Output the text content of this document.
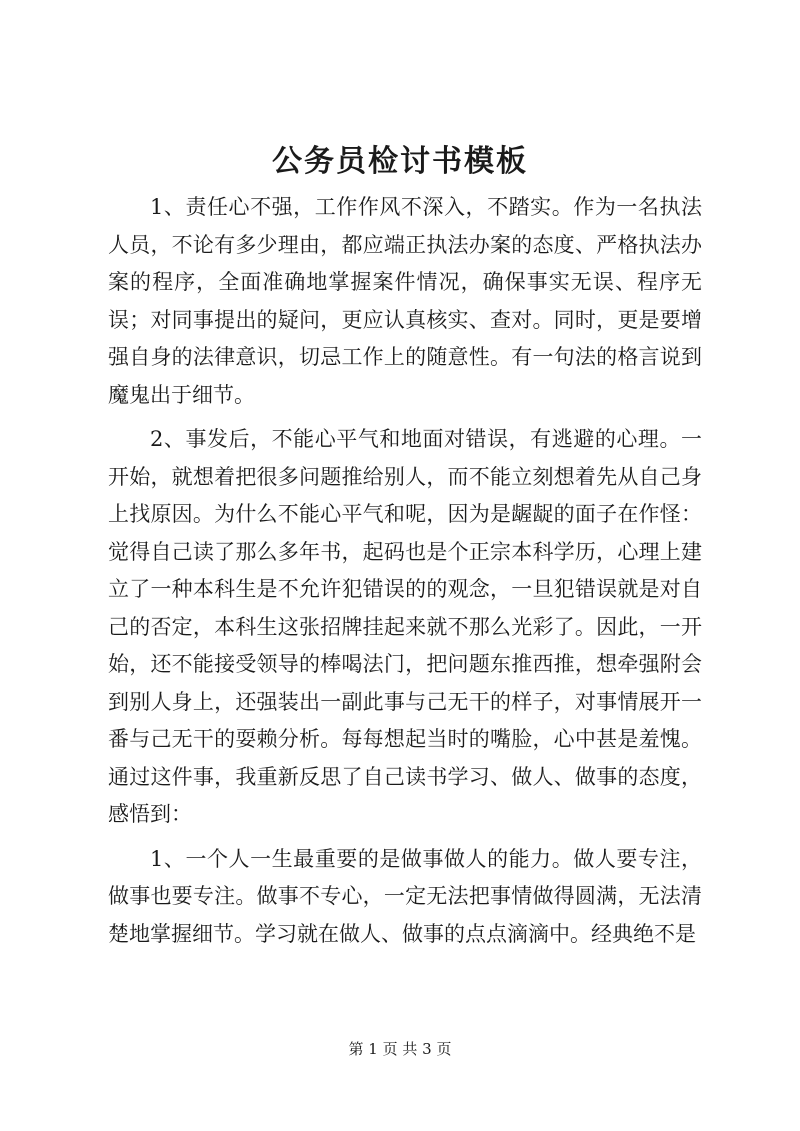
公务员检讨书模板

1、责任心不强，工作作风不深入，不踏实。作为一名执法人员，不论有多少理由，都应端正执法办案的态度、严格执法办案的程序，全面准确地掌握案件情况，确保事实无误、程序无误；对同事提出的疑问，更应认真核实、查对。同时，更是要增强自身的法律意识，切忌工作上的随意性。有一句法的格言说到魔鬼出于细节。

2、事发后，不能心平气和地面对错误，有逃避的心理。一开始，就想着把很多问题推给别人，而不能立刻想着先从自己身上找原因。为什么不能心平气和呢，因为是龌龊的面子在作怪：觉得自己读了那么多年书，起码也是个正宗本科学历，心理上建立了一种本科生是不允许犯错误的的观念，一旦犯错误就是对自己的否定，本科生这张招牌挂起来就不那么光彩了。因此，一开始，还不能接受领导的棒喝法门，把问题东推西推，想牵强附会到别人身上，还强装出一副此事与己无干的样子，对事情展开一番与己无干的耍赖分析。每每想起当时的嘴脸，心中甚是羞愧。通过这件事，我重新反思了自己读书学习、做人、做事的态度，感悟到：

1、一个人一生最重要的是做事做人的能力。做人要专注，做事也要专注。做事不专心，一定无法把事情做得圆满，无法清楚地掌握细节。学习就在做人、做事的点点滴滴中。经典绝不是

第 1 页 共 3 页
